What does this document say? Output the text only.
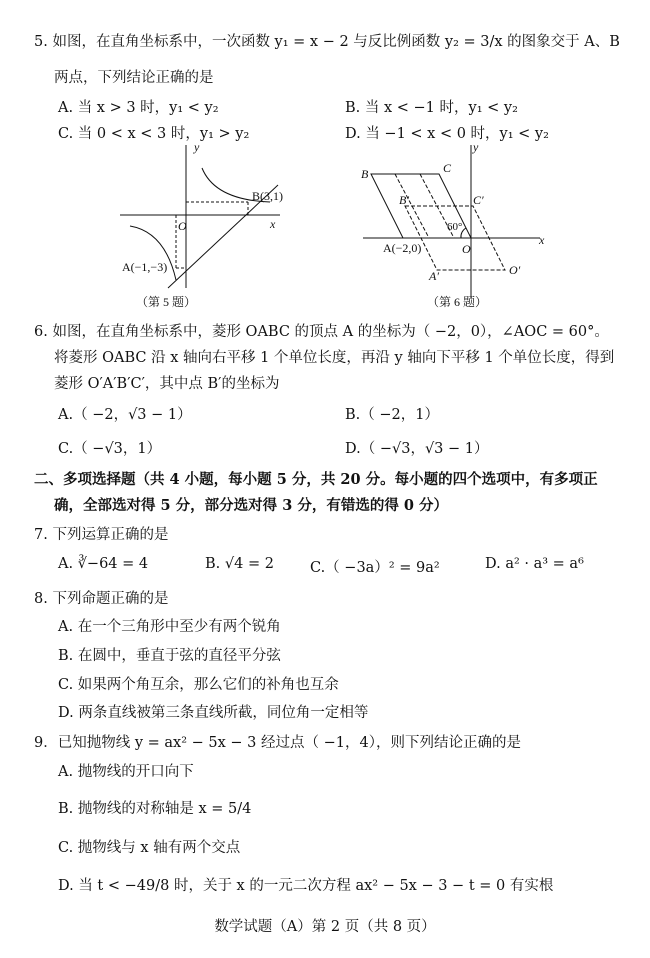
5. 如图，在直角坐标系中，一次函数 y₁ = x − 2 与反比例函数 y₂ = 3/x 的图象交于 A、B
两点，下列结论正确的是
A. 当 x > 3 时，y₁ < y₂	B. 当 x < −1 时，y₁ < y₂
C. 当 0 < x < 3 时，y₁ > y₂	D. 当 −1 < x < 0 时，y₁ < y₂
y
x
O
B(3,1)
A(−1,−3)
（第 5 题）
y
x
O
B	C
B′	C′
60°
A(−2,0)
A′	O′
（第 6 题）
6. 如图，在直角坐标系中，菱形 OABC 的顶点 A 的坐标为（ −2，0），∠AOC = 60°。
将菱形 OABC 沿 x 轴向右平移 1 个单位长度，再沿 y 轴向下平移 1 个单位长度，得到
菱形 O′A′B′C′，其中点 B′的坐标为
A.（ −2，√3 − 1）	B.（ −2，1）
C.（ −√3，1）	D.（ −√3，√3 − 1）
二、多项选择题（共 4 小题，每小题 5 分，共 20 分。每小题的四个选项中，有多项正
确，全部选对得 5 分，部分选对得 3 分，有错选的得 0 分）
7. 下列运算正确的是
A. ∛−64 = 4	B. √4 = 2 C.（ −3a）² = 9a²	D. a² · a³ = a⁶
8. 下列命题正确的是
A. 在一个三角形中至少有两个锐角
B. 在圆中，垂直于弦的直径平分弦
C. 如果两个角互余，那么它们的补角也互余
D. 两条直线被第三条直线所截，同位角一定相等
9．已知抛物线 y = ax² − 5x − 3 经过点（ −1，4），则下列结论正确的是
A. 抛物线的开口向下
B. 抛物线的对称轴是 x = 5/4
C. 抛物线与 x 轴有两个交点
D. 当 t < −49/8 时，关于 x 的一元二次方程 ax² − 5x − 3 − t = 0 有实根
数学试题（A）第 2 页（共 8 页）
